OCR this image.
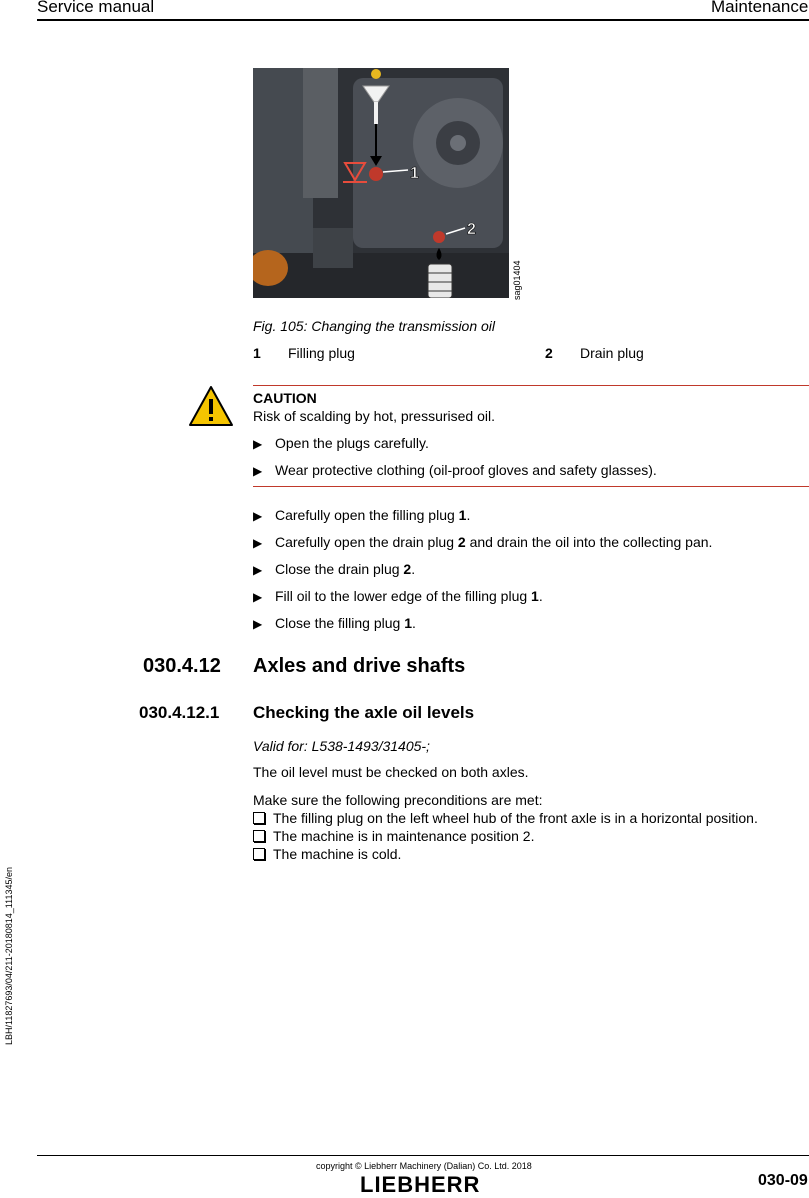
Service manual	Maintenance
1
2
sag01404
Fig. 105: Changing the transmission oil
1 Filling plug	2 Drain plug
CAUTION
Risk of scalding by hot, pressurised oil.
▶ Open the plugs carefully.
▶ Wear protective clothing (oil-proof gloves and safety glasses).
▶ Carefully open the filling plug 1.
▶ Carefully open the drain plug 2 and drain the oil into the collecting pan.
▶ Close the drain plug 2.
▶ Fill oil to the lower edge of the filling plug 1.
▶ Close the filling plug 1.
030.4.12 Axles and drive shafts
030.4.12.1 Checking the axle oil levels
Valid for: L538-1493/31405-;
The oil level must be checked on both axles.
Make sure the following preconditions are met:
The filling plug on the left wheel hub of the front axle is in a horizontal position.
The machine is in maintenance position 2.
The machine is cold.
LBH/11827693/04/211-20180814_111345/en
copyright © Liebherr Machinery (Dalian) Co. Ltd. 2018
LIEBHERR	030-09
